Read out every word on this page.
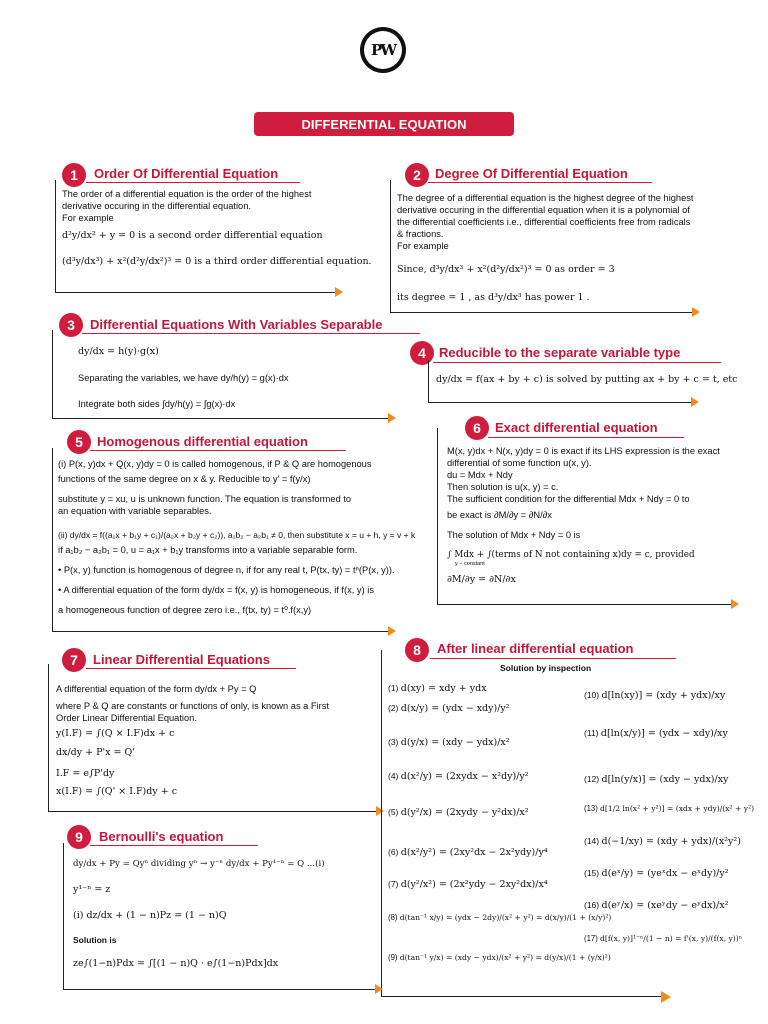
PW
DIFFERENTIAL EQUATION
1	Order Of Differential Equation
The order of a differential equation is the order of the highest derivative occuring in the differential equation.
For example
d²y/dx² + y = 0 is a second order differential equation
(d³y/dx³) + x²(d²y/dx²)³ = 0 is a third order differential equation.
2	Degree Of Differential Equation
The degree of a differential equation is the highest degree of the highest derivative occuring in the differential equation when it is a polynomial of the differential coefficients i.e., differential coefficients free from radicals & fractions.
For example
Since, d³y/dx³ + x²(d²y/dx²)³ = 0 as order = 3
its degree = 1 , as d³y/dx³ has power 1 .
3	Differential Equations With Variables Separable
dy/dx = h(y)·g(x)
Separating the variables, we have dy/h(y) = g(x)·dx
Integrate both sides ∫dy/h(y) = ∫g(x)·dx
4	Reducible to the separate variable type
dy/dx = f(ax + by + c) is solved by putting ax + by + c = t, etc
5	Homogenous differential equation
(i) P(x, y)dx + Q(x, y)dy = 0 is called homogenous, if P & Q are homogenous
functions of the same degree on x & y. Reducible to y' = f(y/x)
substitute y = xu, u is unknown function. The equation is transformed to
an equation with variable separables.
(ii) dy/dx = f((a₁x + b₁y + c₁)/(a₂x + b₂y + c₂)), a₁b₂ − a₂b₁ ≠ 0, then substitute x = u + h, y = v + k
if a₁b₂ − a₂b₁ = 0, u = a₁x + b₁y transforms into a variable separable form.
• P(x, y) function is homogenous of degree n, if for any real t, P(tx, ty) = tⁿ(P(x, y)).
• A differential equation of the form dy/dx = f(x, y) is homogeneous, if f(x, y) is
a homogeneous function of degree zero i.e., f(tx, ty) = t⁰.f(x,y)
6	Exact differential equation
M(x, y)dx + N(x, y)dy = 0 is exact if its LHS expression is the exact differential of some function u(x, y).
du = Mdx + Ndy
Then solution is u(x, y) = c.
The sufficient condition for the differential Mdx + Ndy = 0 to
be exact is ∂M/∂y = ∂N/∂x
The solution of Mdx + Ndy = 0 is
∫ Mdx + ∫(terms of N not containing x)dy = c, provided
y − constant
∂M/∂y = ∂N/∂x
7	Linear Differential Equations
A differential equation of the form dy/dx + Py = Q
where P & Q are constants or functions of only, is known as a First Order Linear Differential Equation.
y(I.F) = ∫(Q × I.F)dx + c
dx/dy + P'x = Q'
I.F = e∫P'dy
x(I.F) = ∫(Q' × I.F)dy + c
8	After linear differential equation
Solution by inspection
(1) d(xy) = xdy + ydx
(2) d(x/y) = (ydx − xdy)/y²
(3) d(y/x) = (xdy − ydx)/x²
(4) d(x²/y) = (2xydx − x²dy)/y²
(5) d(y²/x) = (2xydy − y²dx)/x²
(6) d(x²/y²) = (2xy²dx − 2x²ydy)/y⁴
(7) d(y²/x²) = (2x²ydy − 2xy²dx)/x⁴
(8) d(tan⁻¹ x/y) = (ydx − 2dy)/(x² + y²) = d(x/y)/(1 + (x/y)²)
(9) d(tan⁻¹ y/x) = (xdy − ydx)/(x² + y²) = d(y/x)/(1 + (y/x)²)
(10) d[ln(xy)] = (xdy + ydx)/xy
(11) d[ln(x/y)] = (ydx − xdy)/xy
(12) d[ln(y/x)] = (xdy − ydx)/xy
(13) d[1/2 ln(x² + y²)] = (xdx + ydy)/(x² + y²)
(14) d(−1/xy) = (xdy + ydx)/(x²y²)
(15) d(eˣ/y) = (yeˣdx − eˣdy)/y²
(16) d(eʸ/x) = (xeʸdy − eʸdx)/x²
(17) d[f(x, y)]¹⁻ⁿ/(1 − n) = f'(x, y)/(f(x, y))ⁿ
9	Bernoulli's equation
dy/dx + Py = Qyⁿ dividing yⁿ → y⁻ⁿ dy/dx + Py¹⁻ⁿ = Q ...(i)
y¹⁻ⁿ = z
(i) dz/dx + (1 − n)Pz = (1 − n)Q
Solution is
ze∫(1−n)Pdx = ∫[(1 − n)Q · e∫(1−n)Pdx]dx
